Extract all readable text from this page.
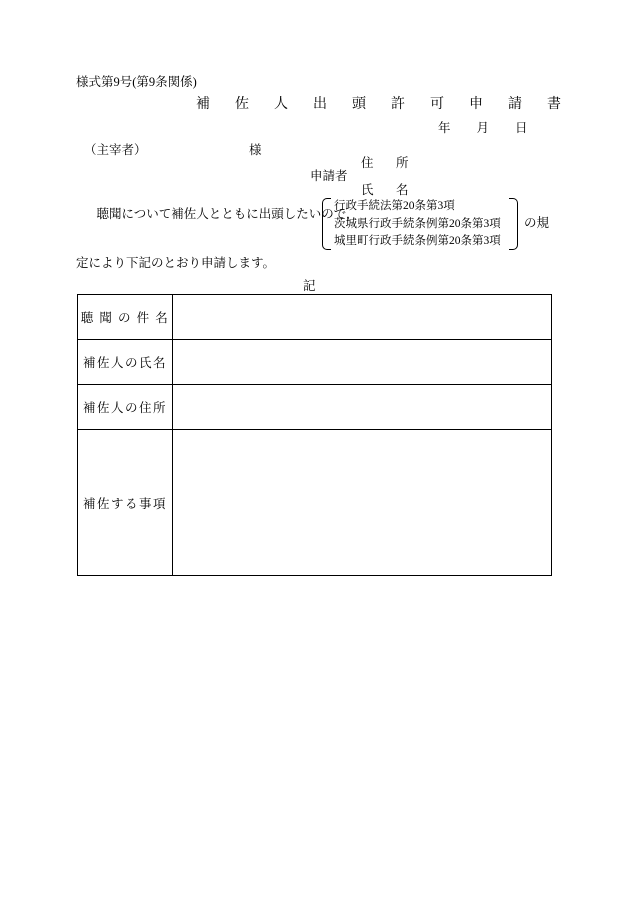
様式第9号(第9条関係)
補　佐　人　出　頭　許　可　申　請　書
年 月 日
（主宰者）	様
住　所
申請者
氏　名
　聴聞について補佐人とともに出頭したいので，
行政手続法第20条第3項
茨城県行政手続条例第20条第3項
城里町行政手続条例第20条第3項
の規
定により下記のとおり申請します。
記
聴 聞 の 件 名	
補佐人の氏名	
補佐人の住所	
補佐する事項	
